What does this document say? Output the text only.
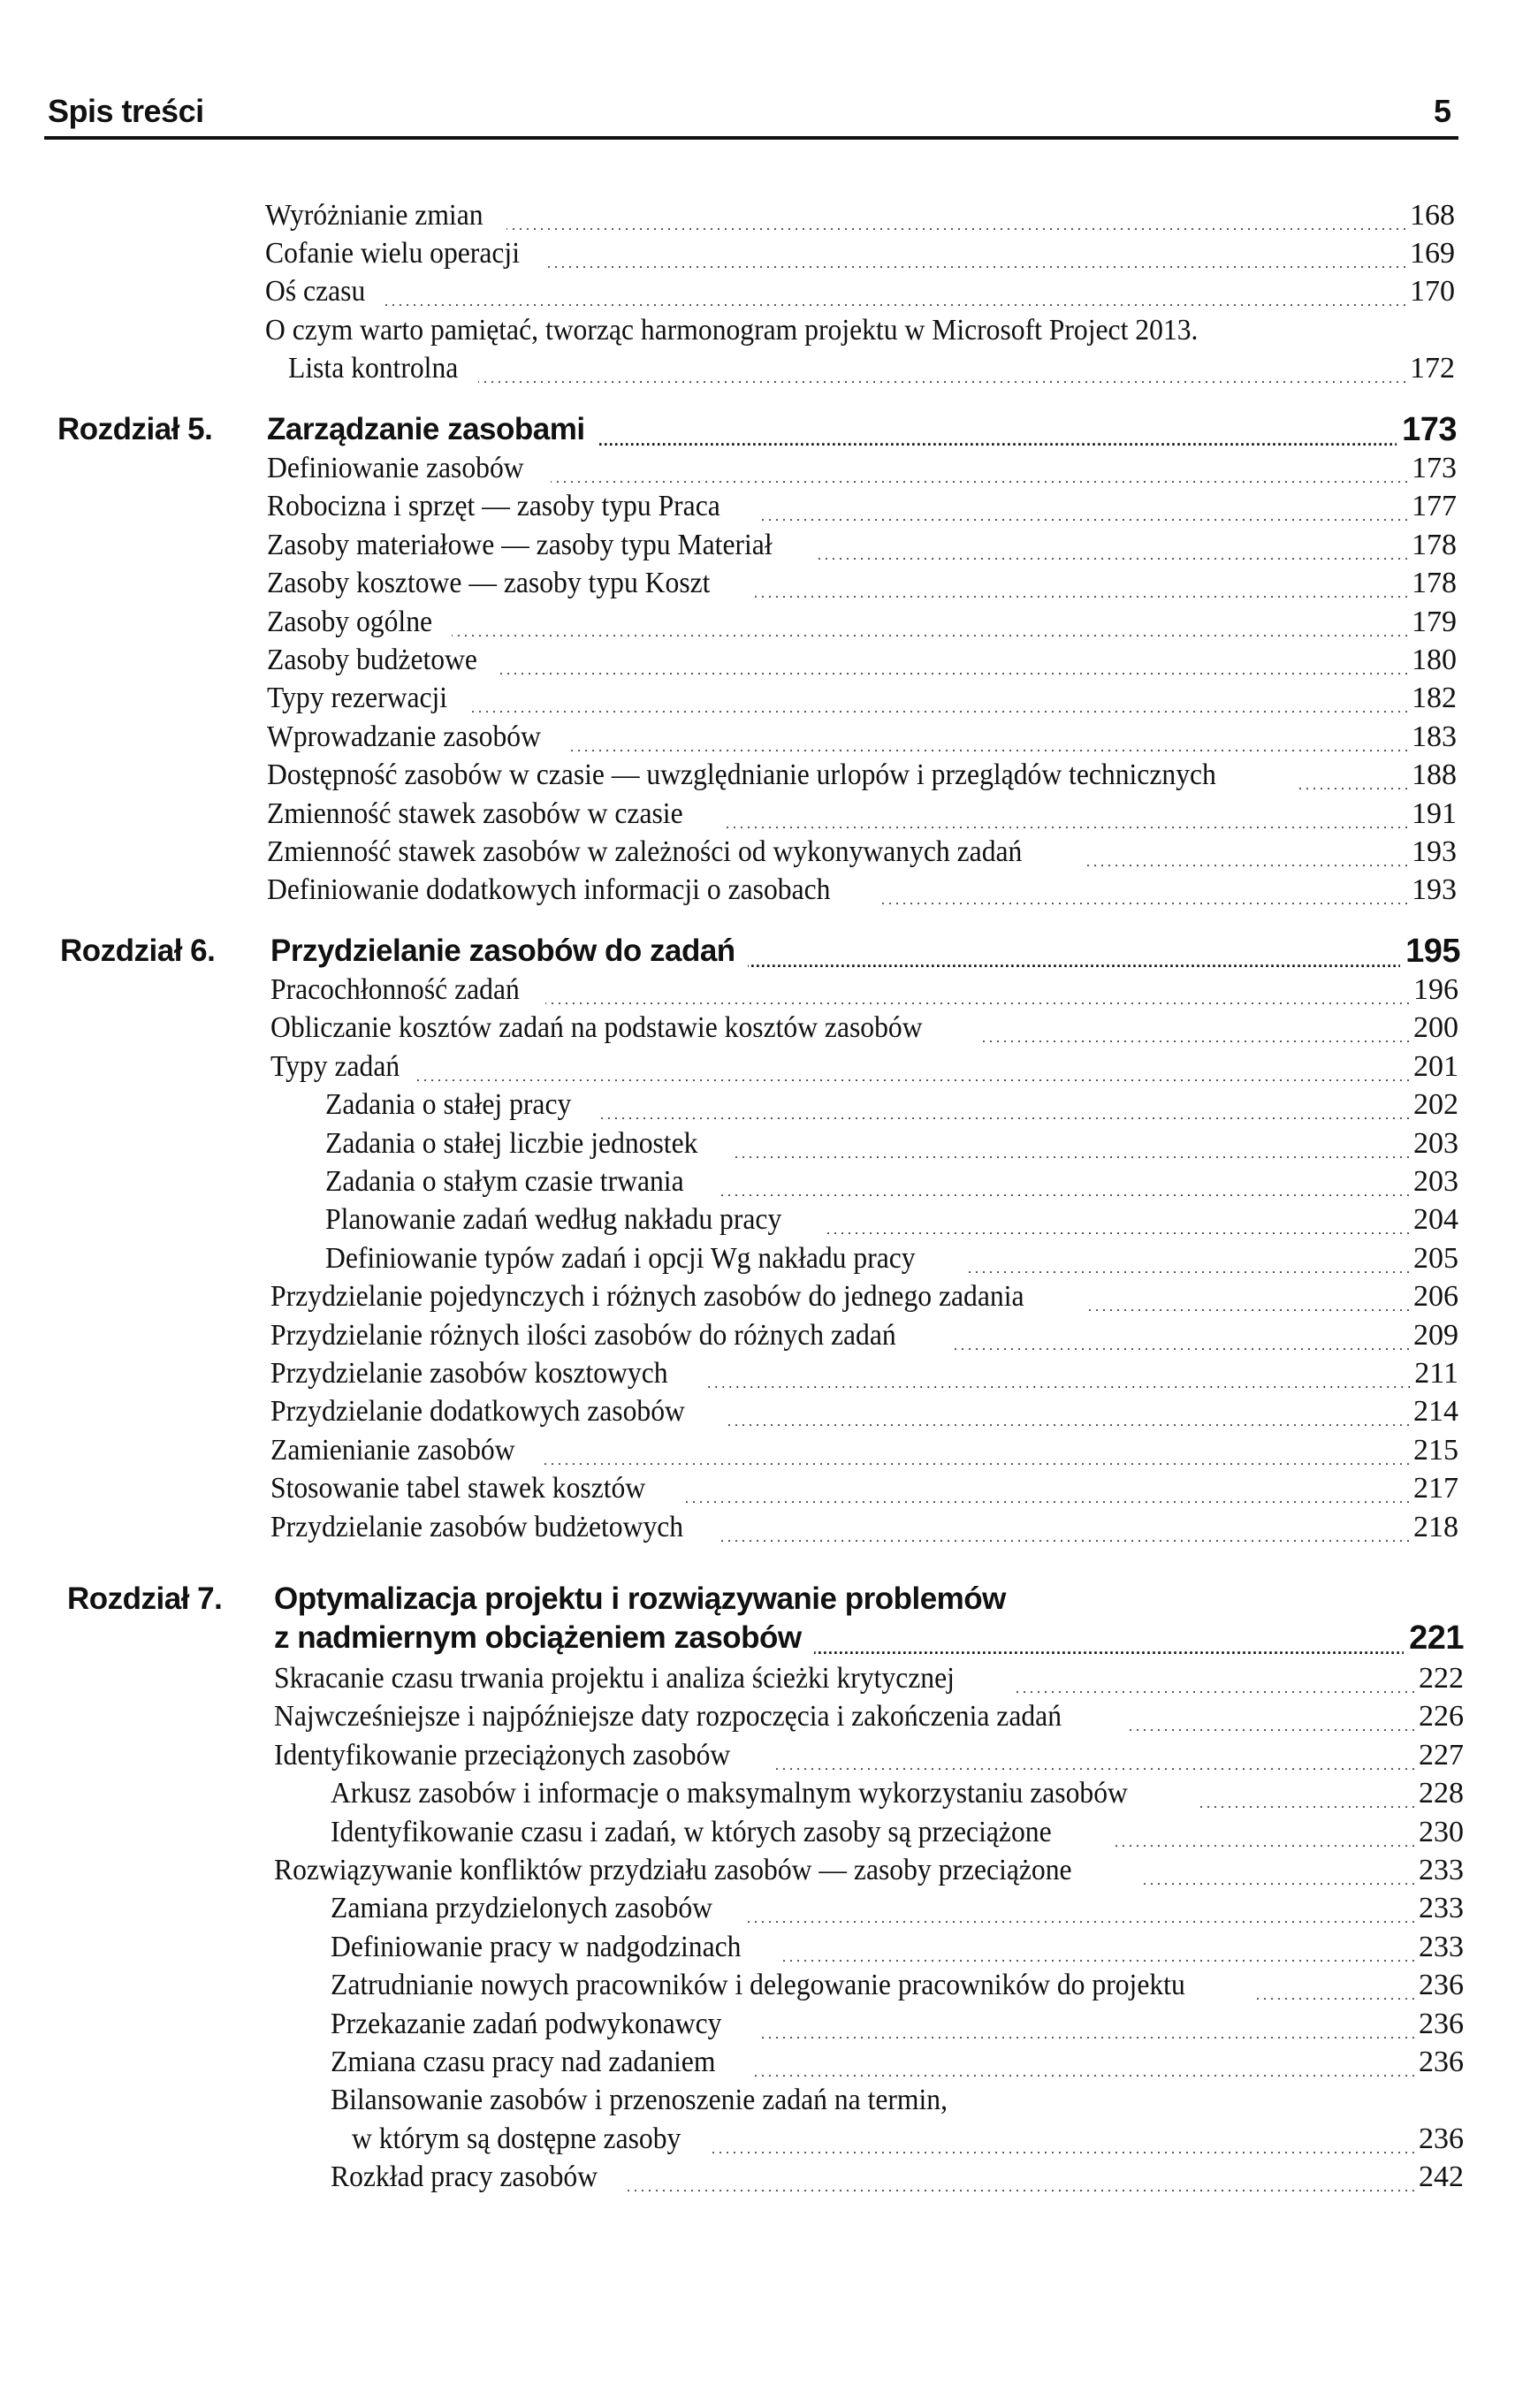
Spis treści	5
Wyróżnianie zmian . . .	168
Cofanie wielu operacji . . .	169
Oś czasu . . .	170
O czym warto pamiętać, tworząc harmonogram projektu w Microsoft Project 2013.
Lista kontrolna . . .	172
Rozdział 5. Zarządzanie zasobami . . .	173
Definiowanie zasobów . . .	173
Robocizna i sprzęt — zasoby typu Praca . . .	177
Zasoby materiałowe — zasoby typu Materiał . . .	178
Zasoby kosztowe — zasoby typu Koszt . . .	178
Zasoby ogólne . . .	179
Zasoby budżetowe . . .	180
Typy rezerwacji . . .	182
Wprowadzanie zasobów . . .	183
Dostępność zasobów w czasie — uwzględnianie urlopów i przeglądów technicznych . . .	188
Zmienność stawek zasobów w czasie . . .	191
Zmienność stawek zasobów w zależności od wykonywanych zadań . . .	193
Definiowanie dodatkowych informacji o zasobach . . .	193
Rozdział 6. Przydzielanie zasobów do zadań . . .	195
Pracochłonność zadań . . .	196
Obliczanie kosztów zadań na podstawie kosztów zasobów . . .	200
Typy zadań . . .	201
Zadania o stałej pracy . . .	202
Zadania o stałej liczbie jednostek . . .	203
Zadania o stałym czasie trwania . . .	203
Planowanie zadań według nakładu pracy . . .	204
Definiowanie typów zadań i opcji Wg nakładu pracy . . .	205
Przydzielanie pojedynczych i różnych zasobów do jednego zadania . . .	206
Przydzielanie różnych ilości zasobów do różnych zadań . . .	209
Przydzielanie zasobów kosztowych . . .	211
Przydzielanie dodatkowych zasobów . . .	214
Zamienianie zasobów . . .	215
Stosowanie tabel stawek kosztów . . .	217
Przydzielanie zasobów budżetowych . . .	218
Rozdział 7. Optymalizacja projektu i rozwiązywanie problemów
z nadmiernym obciążeniem zasobów . . .	221
Skracanie czasu trwania projektu i analiza ścieżki krytycznej . . .	222
Najwcześniejsze i najpóźniejsze daty rozpoczęcia i zakończenia zadań . . .	226
Identyfikowanie przeciążonych zasobów . . .	227
Arkusz zasobów i informacje o maksymalnym wykorzystaniu zasobów . . .	228
Identyfikowanie czasu i zadań, w których zasoby są przeciążone . . .	230
Rozwiązywanie konfliktów przydziału zasobów — zasoby przeciążone . . .	233
Zamiana przydzielonych zasobów . . .	233
Definiowanie pracy w nadgodzinach . . .	233
Zatrudnianie nowych pracowników i delegowanie pracowników do projektu . . .	236
Przekazanie zadań podwykonawcy . . .	236
Zmiana czasu pracy nad zadaniem . . .	236
Bilansowanie zasobów i przenoszenie zadań na termin,
w którym są dostępne zasoby . . .	236
Rozkład pracy zasobów . . .	242
